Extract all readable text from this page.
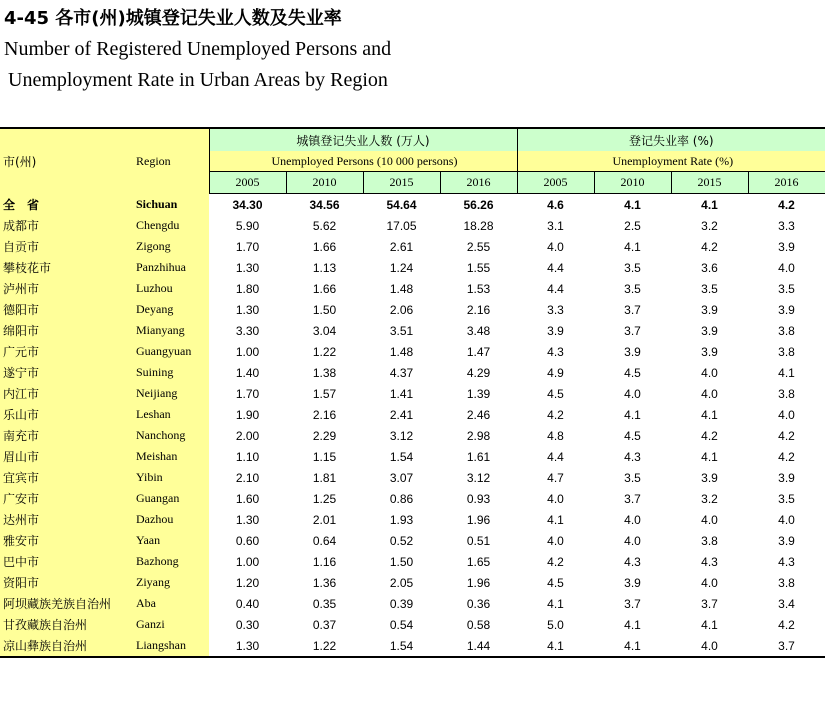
4-45 各市(州)城镇登记失业人数及失业率
Number of Registered Unemployed Persons and
Unemployment Rate in Urban Areas by Region
市(州)	Region	城镇登记失业人数 (万人)				登记失业率 (%)			
		Unemployed Persons (10 000 persons)				Unemployment Rate (%)			
		2005	2010	2015	2016	2005	2010	2015	2016
全　省	Sichuan	34.30	34.56	54.64	56.26	4.6	4.1	4.1	4.2
成都市	Chengdu	5.90	5.62	17.05	18.28	3.1	2.5	3.2	3.3
自贡市	Zigong	1.70	1.66	2.61	2.55	4.0	4.1	4.2	3.9
攀枝花市	Panzhihua	1.30	1.13	1.24	1.55	4.4	3.5	3.6	4.0
泸州市	Luzhou	1.80	1.66	1.48	1.53	4.4	3.5	3.5	3.5
德阳市	Deyang	1.30	1.50	2.06	2.16	3.3	3.7	3.9	3.9
绵阳市	Mianyang	3.30	3.04	3.51	3.48	3.9	3.7	3.9	3.8
广元市	Guangyuan	1.00	1.22	1.48	1.47	4.3	3.9	3.9	3.8
遂宁市	Suining	1.40	1.38	4.37	4.29	4.9	4.5	4.0	4.1
内江市	Neijiang	1.70	1.57	1.41	1.39	4.5	4.0	4.0	3.8
乐山市	Leshan	1.90	2.16	2.41	2.46	4.2	4.1	4.1	4.0
南充市	Nanchong	2.00	2.29	3.12	2.98	4.8	4.5	4.2	4.2
眉山市	Meishan	1.10	1.15	1.54	1.61	4.4	4.3	4.1	4.2
宜宾市	Yibin	2.10	1.81	3.07	3.12	4.7	3.5	3.9	3.9
广安市	Guangan	1.60	1.25	0.86	0.93	4.0	3.7	3.2	3.5
达州市	Dazhou	1.30	2.01	1.93	1.96	4.1	4.0	4.0	4.0
雅安市	Yaan	0.60	0.64	0.52	0.51	4.0	4.0	3.8	3.9
巴中市	Bazhong	1.00	1.16	1.50	1.65	4.2	4.3	4.3	4.3
资阳市	Ziyang	1.20	1.36	2.05	1.96	4.5	3.9	4.0	3.8
阿坝藏族羌族自治州	Aba	0.40	0.35	0.39	0.36	4.1	3.7	3.7	3.4
甘孜藏族自治州	Ganzi	0.30	0.37	0.54	0.58	5.0	4.1	4.1	4.2
凉山彝族自治州	Liangshan	1.30	1.22	1.54	1.44	4.1	4.1	4.0	3.7
